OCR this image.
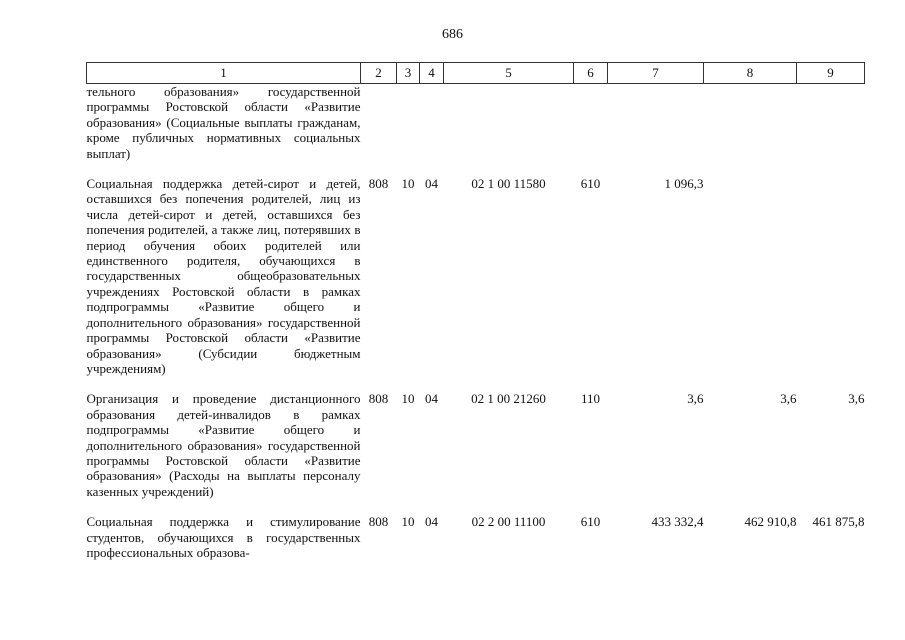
686
1	2	3	4	5	6	7	8	9
тельного образования» государственной программы Ростовской области «Развитие образования» (Социальные выплаты гражданам, кроме публичных нормативных социальных выплат)								
Социальная поддержка детей-сирот и детей, оставшихся без попечения родителей, лиц из числа детей-сирот и детей, оставшихся без попечения родителей, а также лиц, потерявших в период обучения обоих родителей или единственного родителя, обучающихся в государственных общеобразовательных учреждениях Ростовской области в рамках подпрограммы «Развитие общего и дополнительного образования» государственной программы Ростовской области «Развитие образования» (Субсидии бюджетным учреждениям)	808	10	04	02 1 00 11580	610	1 096,3		
Организация и проведение дистанционного образования детей-инвалидов в рамках подпрограммы «Развитие общего и дополнительного образования» государственной программы Ростовской области «Развитие образования» (Расходы на выплаты персоналу казенных учреждений)	808	10	04	02 1 00 21260	110	3,6	3,6	3,6
Социальная поддержка и стимулирование студентов, обучающихся в государственных профессиональных образова-	808	10	04	02 2 00 11100	610	433 332,4	462 910,8	461 875,8
